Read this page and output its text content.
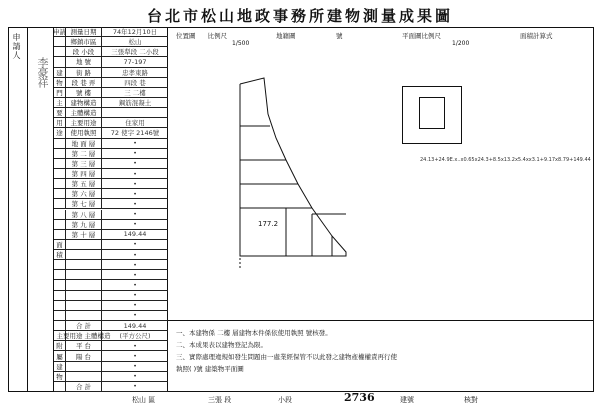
台北市松山地政事務所建物測量成果圖
申請人
李豪祥
申請 測量日期	74年12月10日
鄉鎮市區	松山
段 小段	三張犁段 二小段
地 號	77-197
建	街 路	忠孝東路
物	段 巷 弄	四段 巷
門	號 樓	三 二樓
主	建物構造	鋼筋混凝土
要	主體構造
用	主要用途	住家用
途	使用執照	72 使字 2146號
地 面 層	•
第 二 層	•
第 三 層	•
第 四 層	•
第 五 層	•
第 六 層	•
第 七 層	•
第 八 層	•
第 九 層	•
第 十 層	149.44
面	•
積	•
•
•
•
•
•
•
合 計	149.44
主要用途 主體構造	(平方公尺)
附	平 台	•
屬	陽 台	•
建	•
物	•
合 計	•
位置圖 比例尺
1/500
地籍圖	號	平面圖比例尺
1/200
面積計算式
177.2
24.13+24.9E.x..x0.65x24.3+8.5x13.2x5.4xx3.1+9.17x8.79+149.44
一、本建物係 二樓 層建物本件係依使用執照 號核發。
二、本成果表以建物登記為限。
三、實際處理違規如發生問題由一處業經保管不以此發之建物產權權責再行使
執照( )號 建築物平面圖
松山 區	三張 段	小段	2736	建號	核對
